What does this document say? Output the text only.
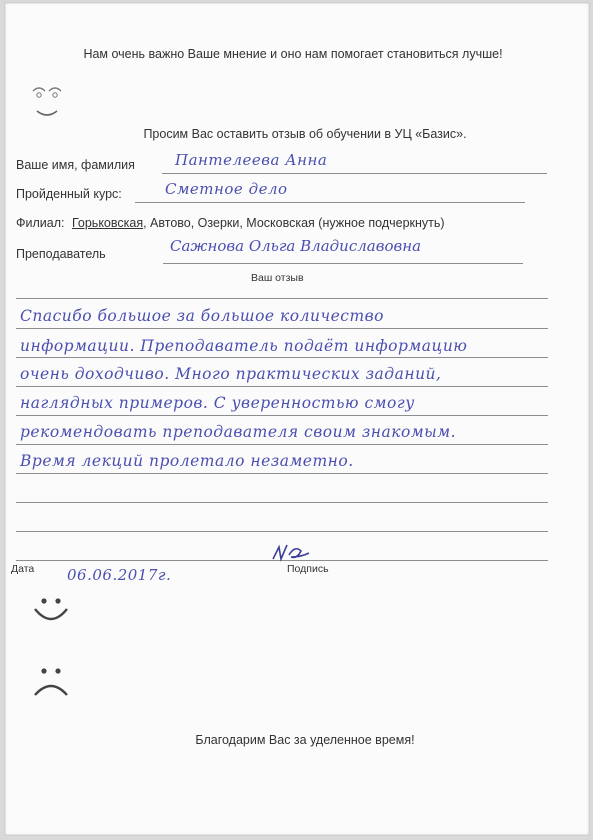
Нам очень важно Ваше мнение и оно нам помогает становиться лучше!
Просим Вас оставить отзыв об обучении в УЦ «Базис».
Ваше имя, фамилия	Пантелеева Анна
Пройденный курс:	Сметное дело
Филиал: Горьковская, Автово, Озерки, Московская (нужное подчеркнуть)
Преподаватель	Сажнова Ольга Владиславовна
Ваш отзыв
Спасибо большое за большое количество
информации. Преподаватель подаёт информацию
очень доходчиво. Много практических заданий,
наглядных примеров. С уверенностью смогу
рекомендовать преподавателя своим знакомым.
Время лекций пролетало незаметно.
Дата 06.06.2017г.	Подпись
Благодарим Вас за уделенное время!
